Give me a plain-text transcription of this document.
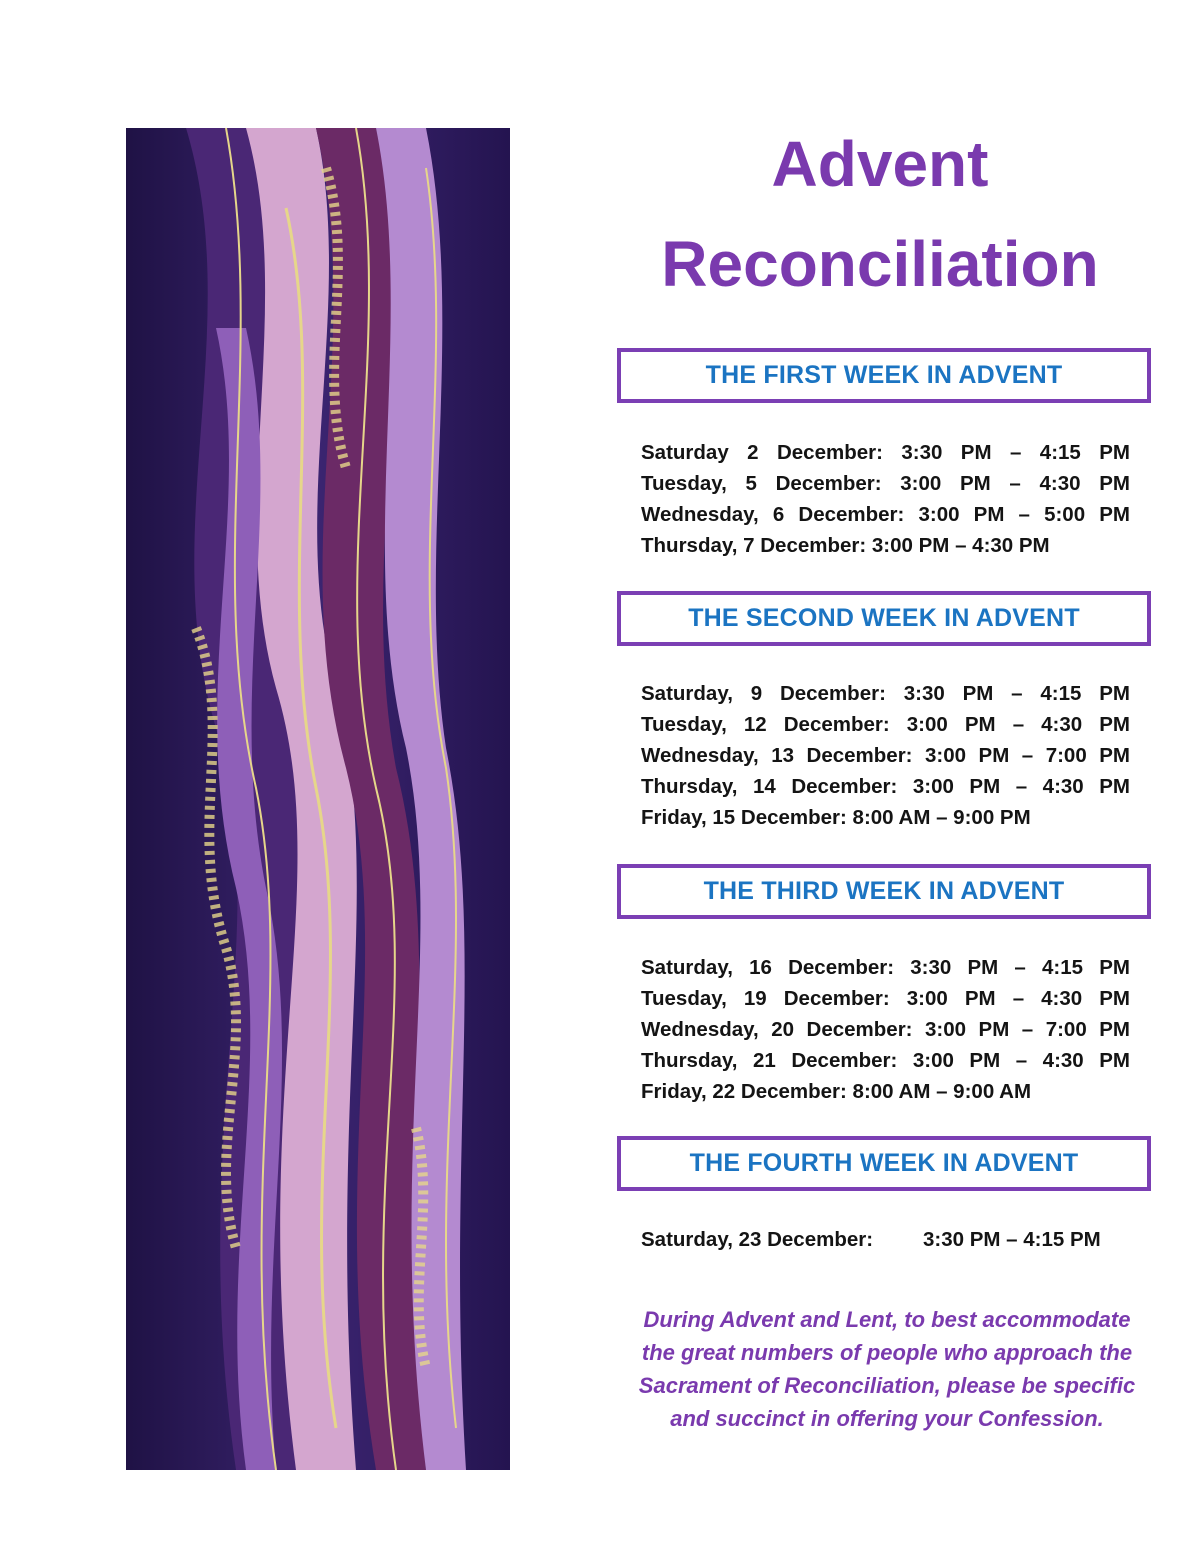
Advent
Reconciliation
THE FIRST WEEK IN ADVENT
Saturday 2 December: 3:30 PM – 4:15 PM
Tuesday, 5 December: 3:00 PM – 4:30 PM
Wednesday, 6 December: 3:00 PM – 5:00 PM
Thursday, 7 December: 3:00 PM – 4:30 PM
THE SECOND WEEK IN ADVENT
Saturday, 9 December: 3:30 PM – 4:15 PM
Tuesday, 12 December: 3:00 PM – 4:30 PM
Wednesday, 13 December: 3:00 PM – 7:00 PM
Thursday, 14 December: 3:00 PM – 4:30 PM
Friday, 15 December: 8:00 AM – 9:00 PM
THE THIRD WEEK IN ADVENT
Saturday, 16 December: 3:30 PM – 4:15 PM
Tuesday, 19 December: 3:00 PM – 4:30 PM
Wednesday, 20 December: 3:00 PM – 7:00 PM
Thursday, 21 December: 3:00 PM – 4:30 PM
Friday, 22 December: 8:00 AM – 9:00 AM
THE FOURTH WEEK IN ADVENT
Saturday, 23 December:	3:30 PM – 4:15 PM
During Advent and Lent, to best accommodate the great numbers of people who approach the Sacrament of Reconciliation, please be specific and succinct in offering your Confession.
